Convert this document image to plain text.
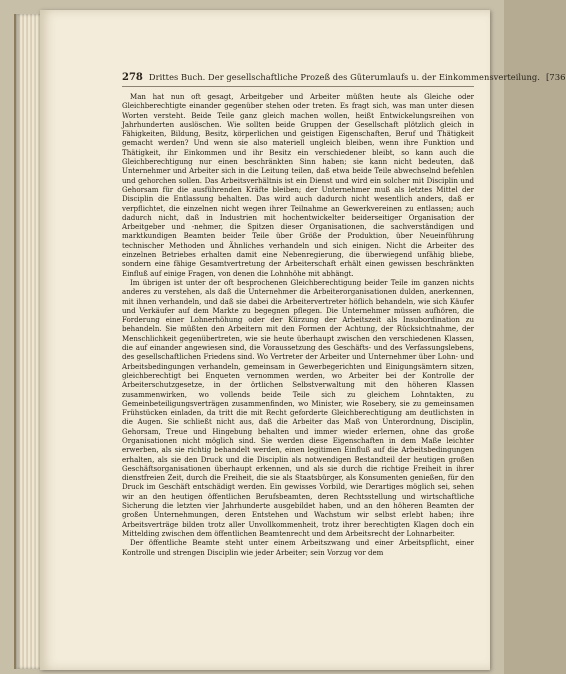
278 Drittes Buch. Der gesellschaftliche Prozeß des Güterumlaufs u. der Einkommensverteilung. [736

Man hat nun oft gesagt, Arbeitgeber und Arbeiter müßten heute als Gleiche oder Gleichberechtigte einander gegenüber stehen oder treten. Es fragt sich, was man unter diesen Worten versteht. Beide Teile ganz gleich machen wollen, heißt Entwickelungsreihen von Jahrhunderten auslöschen. Wie sollten beide Gruppen der Gesellschaft plötzlich gleich in Fähigkeiten, Bildung, Besitz, körperlichen und geistigen Eigenschaften, Beruf und Thätigkeit gemacht werden? Und wenn sie also materiell ungleich bleiben, wenn ihre Funktion und Thätigkeit, ihr Einkommen und ihr Besitz ein verschiedener bleibt, so kann auch die Gleichberechtigung nur einen beschränkten Sinn haben; sie kann nicht bedeuten, daß Unternehmer und Arbeiter sich in die Leitung teilen, daß etwa beide Teile abwechselnd befehlen und gehorchen sollen. Das Arbeitsverhältnis ist ein Dienst und wird ein solcher mit Disciplin und Gehorsam für die ausführenden Kräfte bleiben; der Unternehmer muß als letztes Mittel der Disciplin die Entlassung behalten. Das wird auch dadurch nicht wesentlich anders, daß er verpflichtet, die einzelnen nicht wegen ihrer Teilnahme an Gewerkvereinen zu entlassen; auch dadurch nicht, daß in Industrien mit hochentwickelter beiderseitiger Organisation der Arbeitgeber und -nehmer, die Spitzen dieser Organisationen, die sachverständigen und marktkundigen Beamten beider Teile über Größe der Produktion, über Neueinführung technischer Methoden und Ähnliches verhandeln und sich einigen. Nicht die Arbeiter des einzelnen Betriebes erhalten damit eine Nebenregierung, die überwiegend unfähig bliebe, sondern eine fähige Gesamtvertretung der Arbeiterschaft erhält einen gewissen beschränkten Einfluß auf einige Fragen, von denen die Lohnhöhe mit abhängt.

Im übrigen ist unter der oft besprochenen Gleichberechtigung beider Teile im ganzen nichts anderes zu verstehen, als daß die Unternehmer die Arbeiterorganisationen dulden, anerkennen, mit ihnen verhandeln, und daß sie dabei die Arbeitervertreter höflich behandeln, wie sich Käufer und Verkäufer auf dem Markte zu begegnen pflegen. Die Unternehmer müssen aufhören, die Forderung einer Lohnerhöhung oder der Kürzung der Arbeitszeit als Insubordination zu behandeln. Sie müßten den Arbeitern mit den Formen der Achtung, der Rücksichtnahme, der Menschlichkeit gegenübertreten, wie sie heute überhaupt zwischen den verschiedenen Klassen, die auf einander angewiesen sind, die Voraussetzung des Geschäfts- und des Verfassungslebens, des gesellschaftlichen Friedens sind. Wo Vertreter der Arbeiter und Unternehmer über Lohn- und Arbeitsbedingungen verhandeln, gemeinsam in Gewerbegerichten und Einigungsämtern sitzen, gleichberechtigt bei Enqueten vernommen werden, wo Arbeiter bei der Kontrolle der Arbeiterschutzgesetze, in der örtlichen Selbstverwaltung mit den höheren Klassen zusammenwirken, wo vollends beide Teile sich zu gleichem Lohntakten, zu Gemeinbeteiligungsverträgen zusammenfinden, wo Minister, wie Rosebery, sie zu gemeinsamen Frühstücken einladen, da tritt die mit Recht geforderte Gleichberechtigung am deutlichsten in die Augen. Sie schließt nicht aus, daß die Arbeiter das Maß von Unterordnung, Disciplin, Gehorsam, Treue und Hingebung behalten und immer wieder erlernen, ohne das große Organisationen nicht möglich sind. Sie werden diese Eigenschaften in dem Maße leichter erwerben, als sie richtig behandelt werden, einen legitimen Einfluß auf die Arbeitsbedingungen erhalten, als sie den Druck und die Disciplin als notwendigen Bestandteil der heutigen großen Geschäftsorganisationen überhaupt erkennen, und als sie durch die richtige Freiheit in ihrer dienstfreien Zeit, durch die Freiheit, die sie als Staatsbürger, als Konsumenten genießen, für den Druck im Geschäft entschädigt werden. Ein gewisses Vorbild, wie Derartiges möglich sei, sehen wir an den heutigen öffentlichen Berufsbeamten, deren Rechtsstellung und wirtschaftliche Sicherung die letzten vier Jahrhunderte ausgebildet haben, und an den höheren Beamten der großen Unternehmungen, deren Entstehen und Wachstum wir selbst erlebt haben; ihre Arbeitsverträge bilden trotz aller Unvollkommenheit, trotz ihrer berechtigten Klagen doch ein Mittelding zwischen dem öffentlichen Beamtenrecht und dem Arbeitsrecht der Lohnarbeiter.

Der öffentliche Beamte steht unter einem Arbeitszwang und einer Arbeitspflicht, einer Kontrolle und strengen Disciplin wie jeder Arbeiter; sein Vorzug vor dem
